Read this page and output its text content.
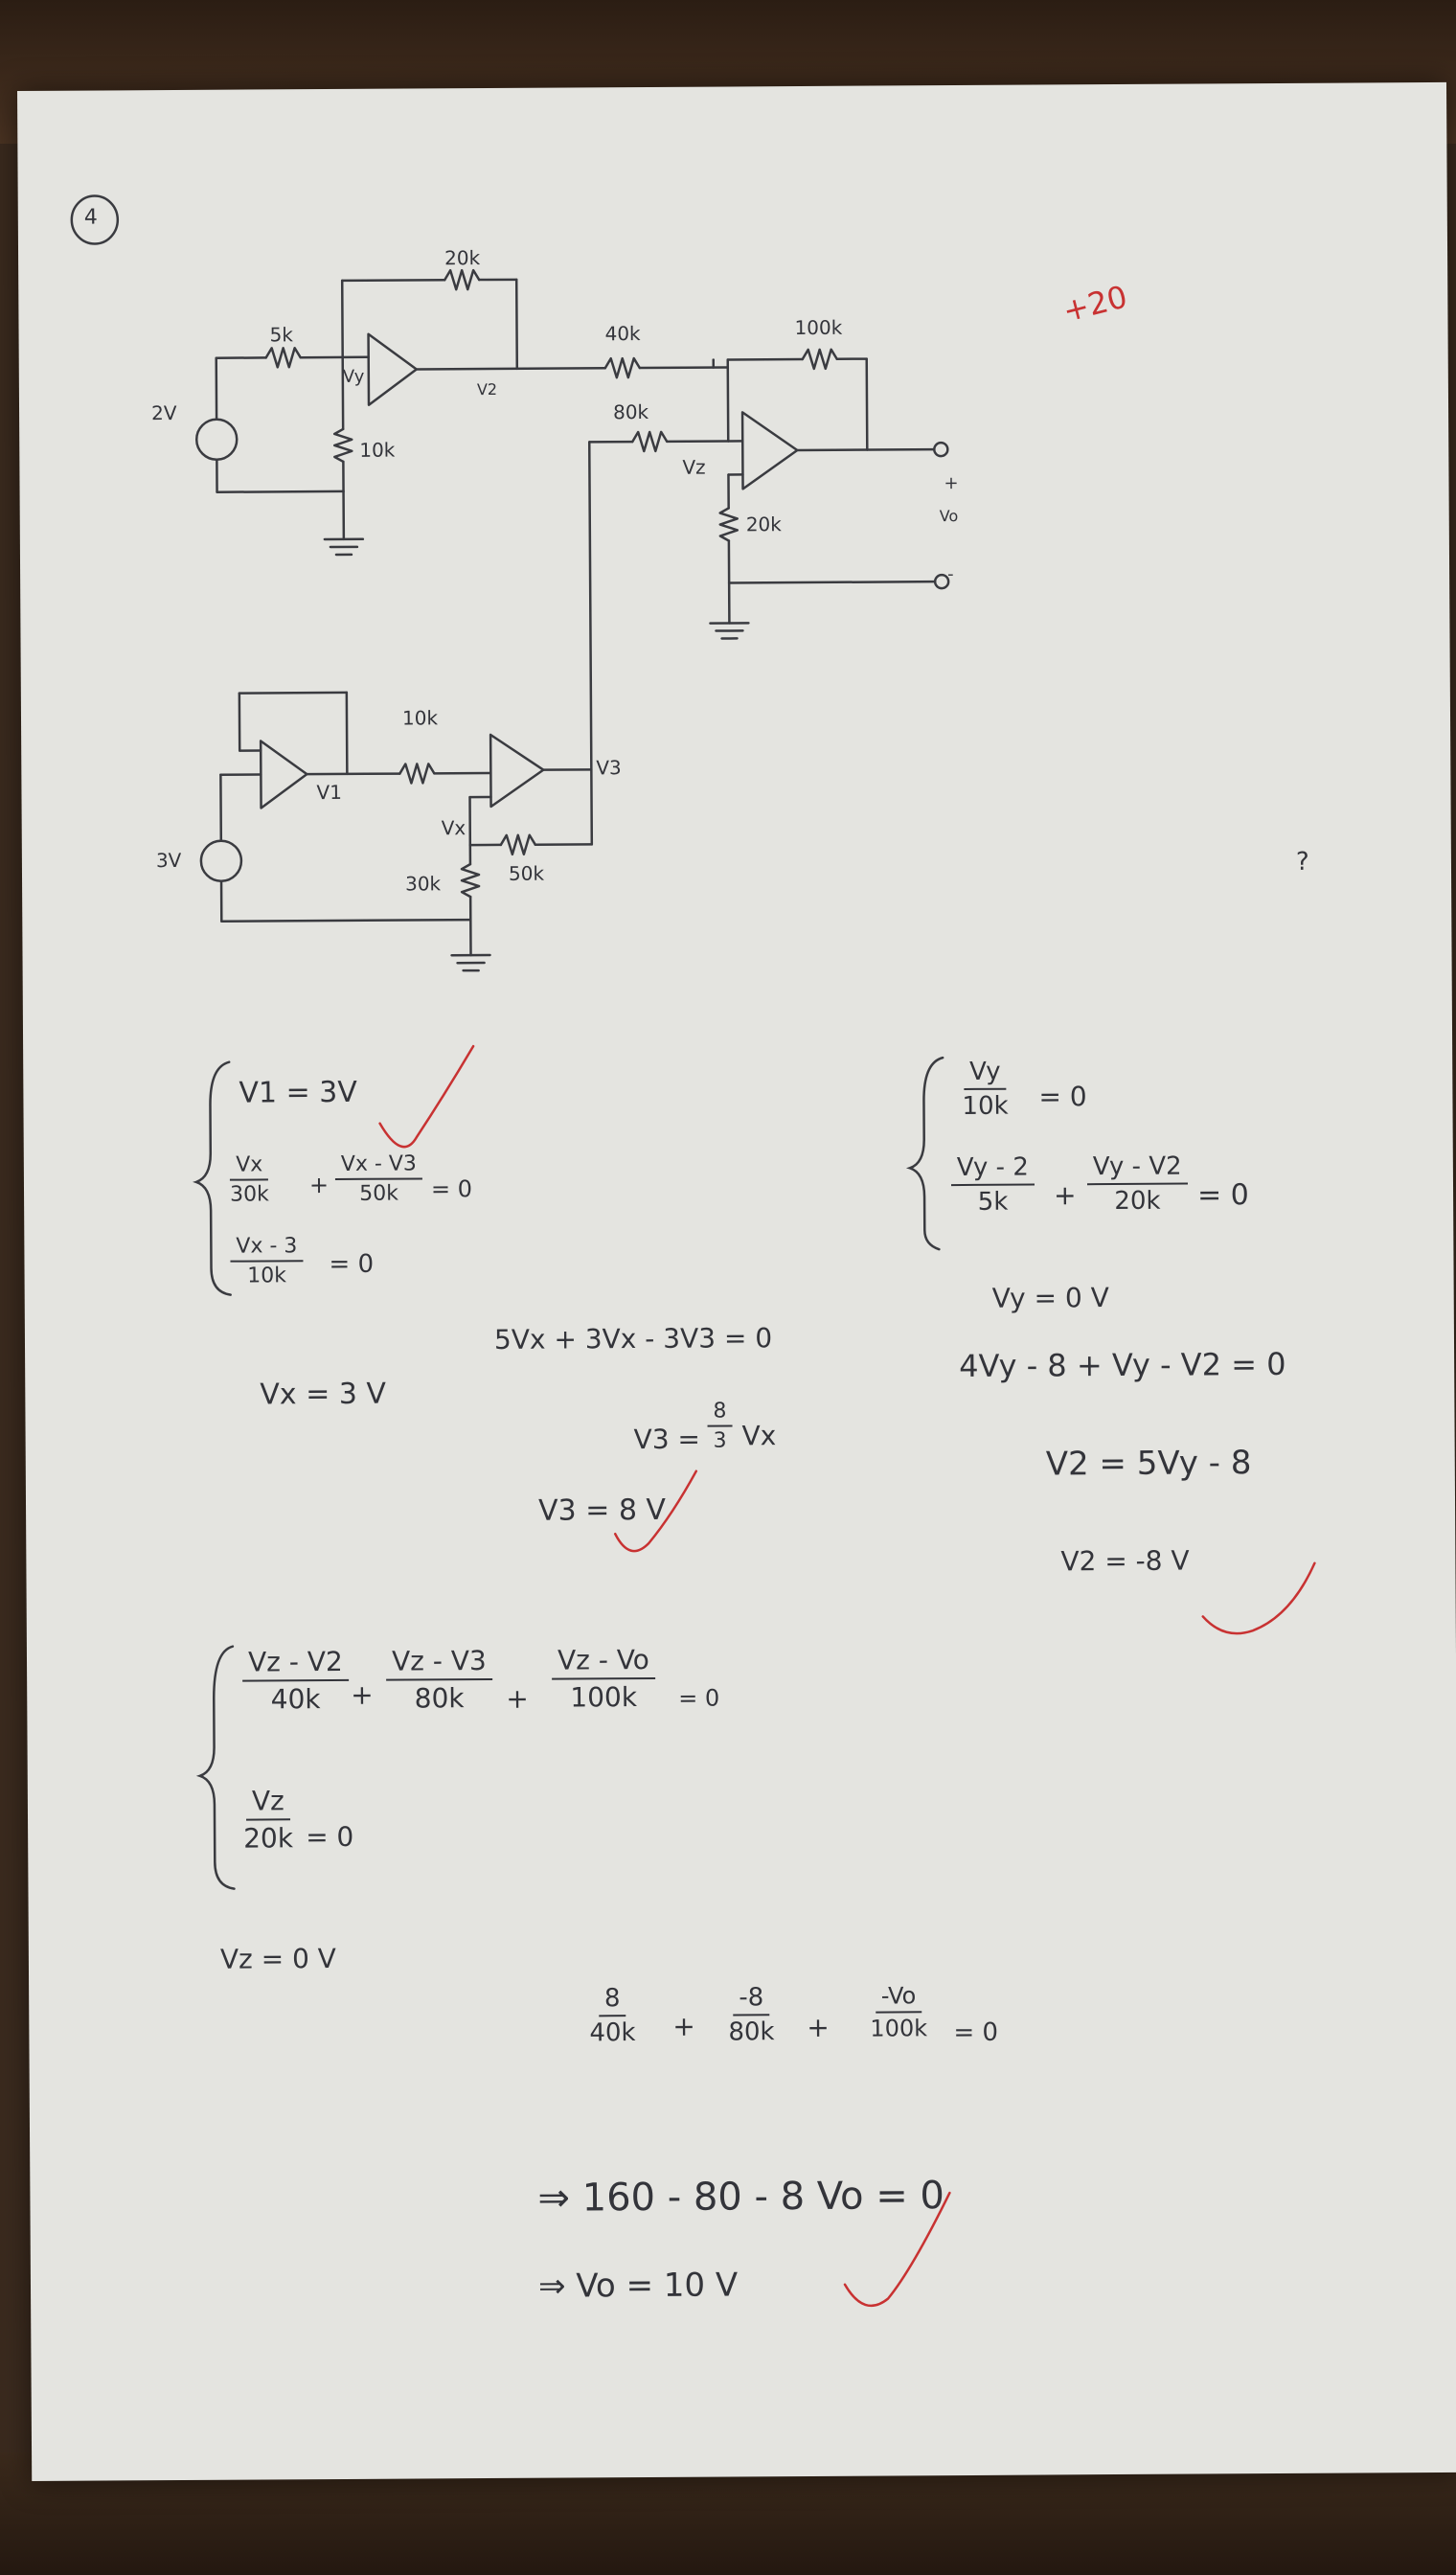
4
+20
2V
5k
20k
10k
Vy
V2
40k
80k
100k
Vz
20k
+
Vo
-
3V
V1
10k
Vx
V3
50k
30k
V1 = 3V
$\frac{Vx}{30k} + \frac{Vx - V3}{50k} = 0$
$\frac{Vx - 3}{10k} = 0$
5Vx + 3Vx - 3V3 = 0
Vx = 3 V
$V3 = \frac{8}{3}$ Vx
V3 = 8 V
$\frac{Vy}{10k} = 0$
$\frac{Vy - 2}{5k} + \frac{Vy - V2}{20k} = 0$
Vy = 0 V
4Vy - 8 + Vy - V2 = 0
V2 = 5Vy - 8
V2 = -8 V
?
$\frac{Vz - V2}{40k} + \frac{Vz - V3}{80k} + \frac{Vz - Vo}{100k} = 0$
$\frac{Vz}{20k} = 0$
Vz = 0 V
$\frac{8}{40k} + \frac{-8}{80k} + \frac{-Vo}{100k} = 0$
⇒ 160 - 80 - 8 Vo = 0
⇒ Vo = 10 V
